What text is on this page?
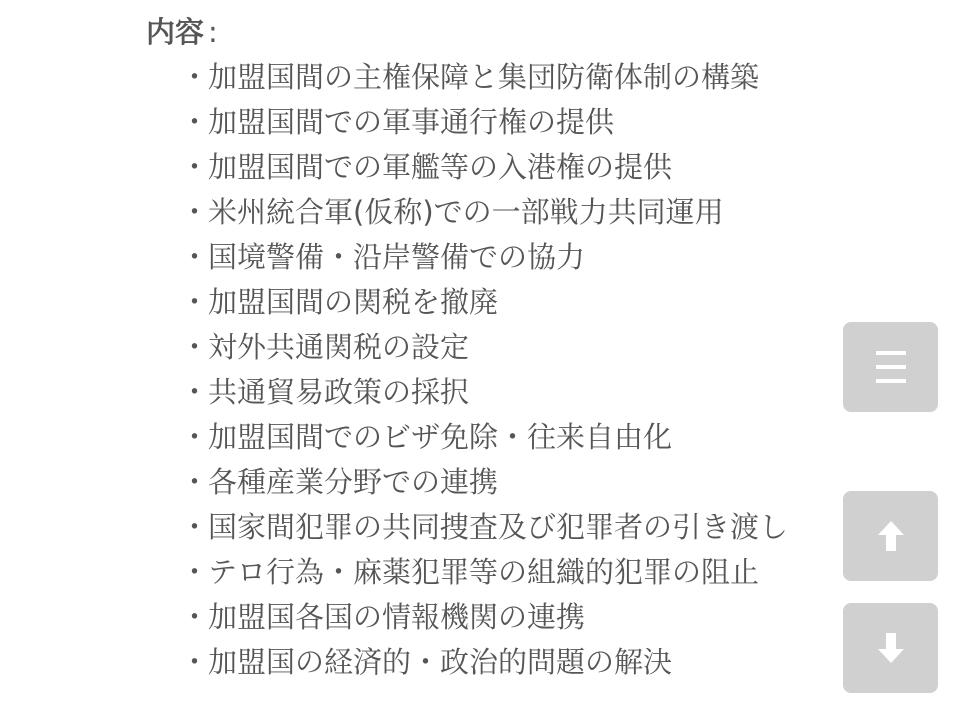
内容 :
・加盟国間の主権保障と集団防衛体制の構築
・加盟国間での軍事通行権の提供
・加盟国間での軍艦等の入港権の提供
・米州統合軍(仮称)での一部戦力共同運用
・国境警備・沿岸警備での協力
・加盟国間の関税を撤廃
・対外共通関税の設定
・共通貿易政策の採択
・加盟国間でのビザ免除・往来自由化
・各種産業分野での連携
・国家間犯罪の共同捜査及び犯罪者の引き渡し
・テロ行為・麻薬犯罪等の組織的犯罪の阻止
・加盟国各国の情報機関の連携
・加盟国の経済的・政治的問題の解決
